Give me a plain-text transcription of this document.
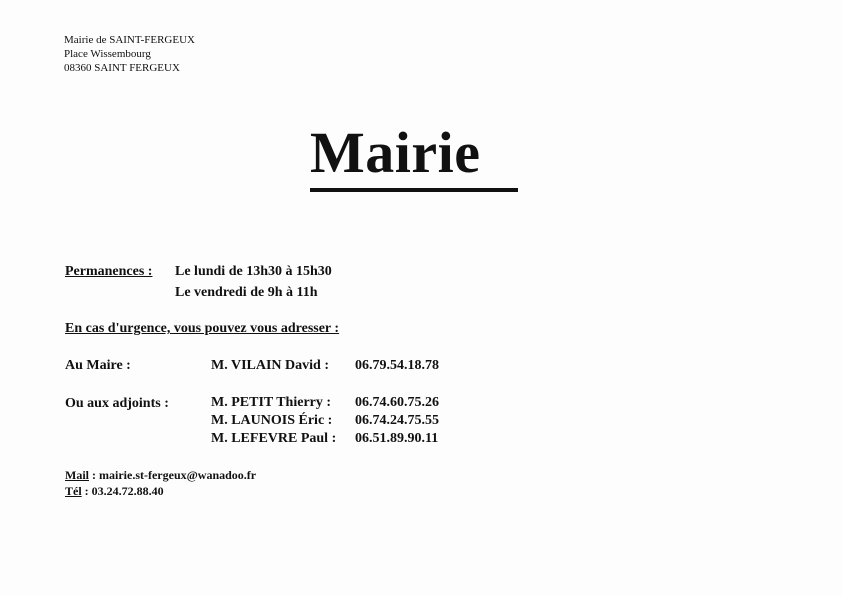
Mairie de SAINT-FERGEUX
Place Wissembourg
08360 SAINT FERGEUX
Mairie
Permanences : Le lundi de 13h30 à 15h30
Le vendredi de 9h à 11h
En cas d'urgence, vous pouvez vous adresser :
Au Maire :	M. VILAIN David : 06.79.54.18.78
Ou aux adjoints :	M. PETIT Thierry : 06.74.60.75.26
M. LAUNOIS Éric : 06.74.24.75.55
M. LEFEVRE Paul : 06.51.89.90.11
Mail : mairie.st-fergeux@wanadoo.fr
Tél : 03.24.72.88.40
